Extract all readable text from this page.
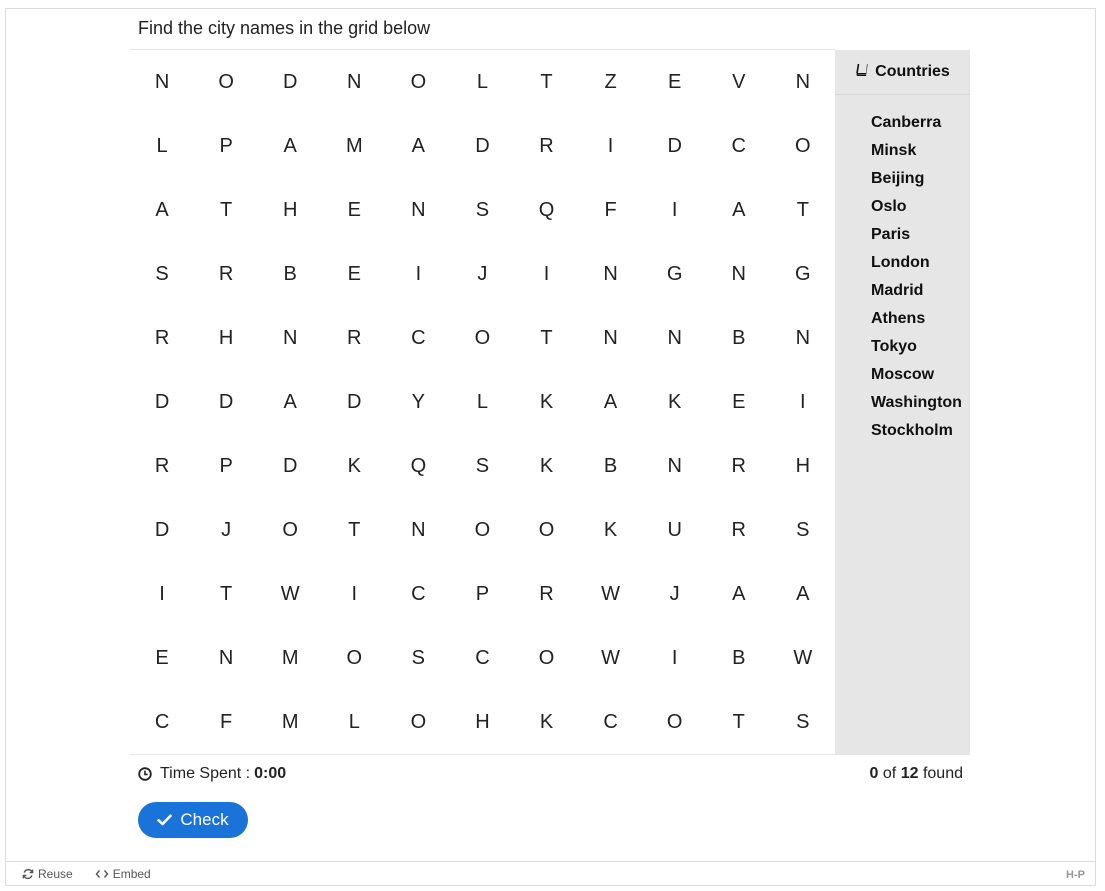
Find the city names in the grid below
N O D N O	L	T	Z	E	V	N
L	P	A M A	D R	I	D C O
A	T	H	E	N	S Q	F	I	A	T
S	R	B	E	I	J	I	N G N G
R H N R C O	T	N N	B	N
D D	A	D	Y	L	K	A	K	E	I
R	P	D	K Q S	K	B	N R H
D	J	O	T	N O O K	U R	S
I	T W	I	C	P	R W J	A	A
E	N M O S	C O W	I	B W
C	F M	L	O H	K	C O	T	S
Countries
Canberra
Minsk
Beijing
Oslo
Paris
London
Madrid
Athens
Tokyo
Moscow
Washington
Stockholm
Time Spent : 0:00	0 of 12 found
Check
Reuse	Embed	H-P
